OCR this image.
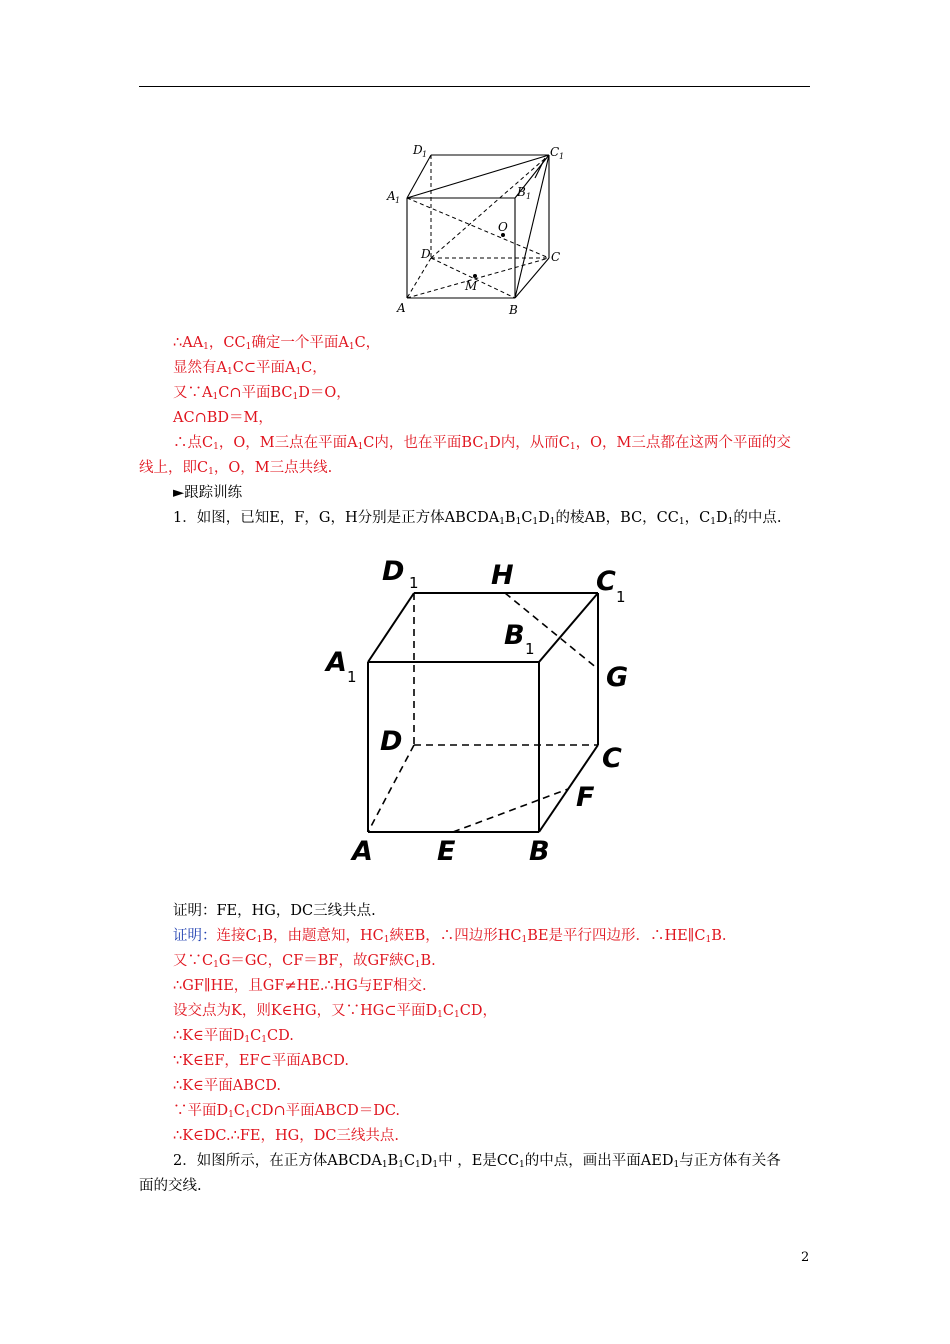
D 1	C 1
A 1
B 1
D	C
O
M
A	B
$\therefore AA_1$，$CC_1$确定一个平面$A_1C$，
显然有$A_1C\subset$平面$A_1C$，
又$\because A_1C\cap$平面$BC_1D=O$，
AC∩BD＝M，
∴点$C_1$，O，M三点在平面$A_1C$内，也在平面$BC_1D$内，从而$C_1$，O，M三点都在这两个平面的交
线上，即$C_1$，O，M三点共线.
►跟踪训练
1．如图，已知E，F，G，H分别是正方体$ABCDA_1B_1C_1D_1$的棱AB，BC，$CC_1$，$C_1D_1$的中点.
D 1	H	C 1
B 1
A 1	G
D
C
F
A E	B
证明：FE，HG，DC三线共点.
证明：连接$C_1B$，由题意知，$HC_1$綊EB，∴四边形$HC_1BE$是平行四边形．$\therefore HE\parallel C_1B$.
又$\because C_1G=GC$，CF＝BF，故GF綊$C_1B$.
∴GF∥HE，且GF≠HE.∴HG与EF相交.
设交点为K，则K∈HG，又∵HG⊂平面$D_1C_1CD$，
∴K∈平面$D_1C_1CD$.
∵K∈EF，EF⊂平面ABCD.
∴K∈平面ABCD.
∵平面$D_1C_1CD\cap$平面ABCD＝DC.
∴K∈DC.∴FE，HG，DC三线共点.
2．如图所示，在正方体$ABCDA_1B_1C_1D_1$中 ，E是$CC_1$的中点，画出平面$AED_1$与正方体有关各
面的交线.
2
